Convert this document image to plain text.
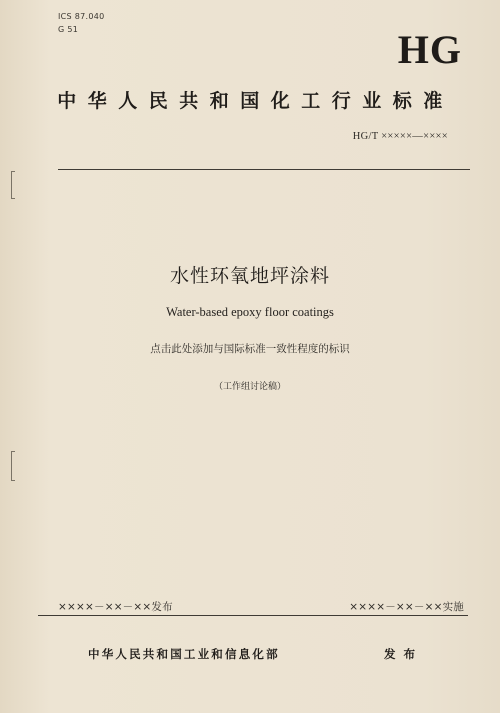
ICS 87.040
G 51	HG
中华人民共和国化工行业标准
HG/T ×××××—××××
水性环氧地坪涂料
Water-based epoxy floor coatings
点击此处添加与国际标准一致性程度的标识
（工作组讨论稿）
××××－××－××发布	××××－××－××实施
中华人民共和国工业和信息化部	发布
